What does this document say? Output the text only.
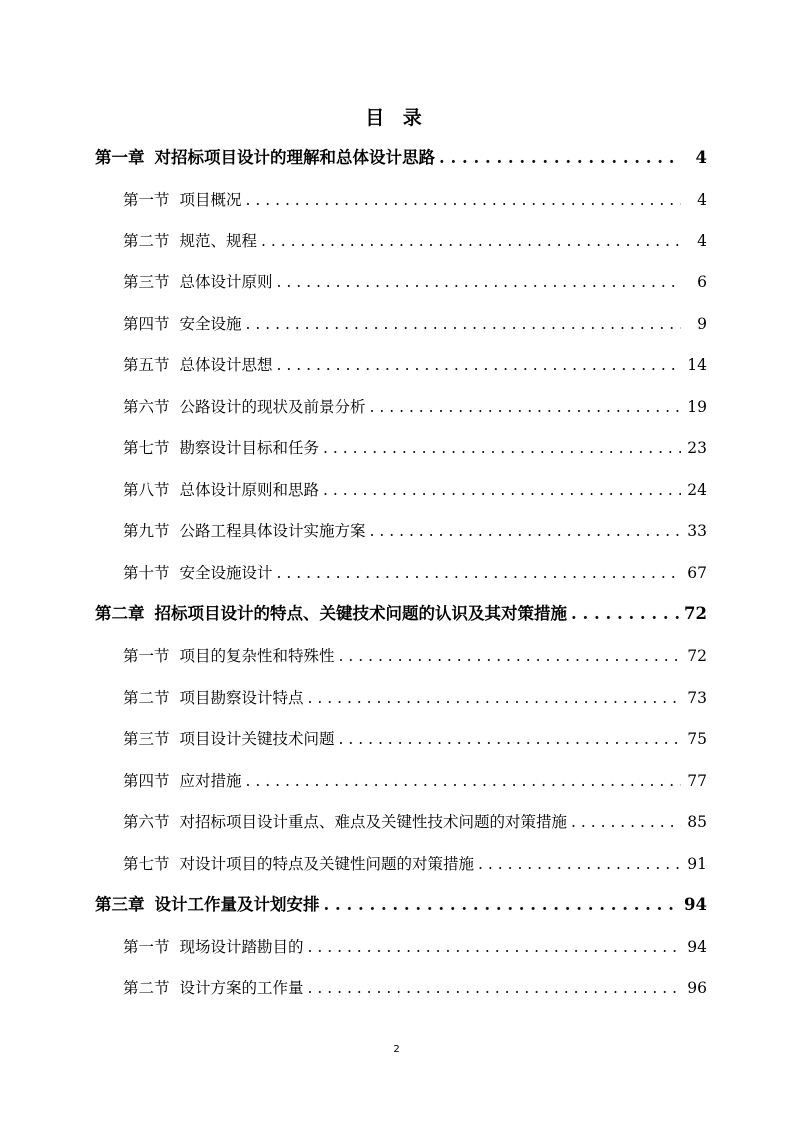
目 录
第一章 对招标项目设计的理解和总体设计思路 . . .	4
第一节 项目概况 . . .	4
第二节 规范、规程 . . .	4
第三节 总体设计原则 . . .	6
第四节 安全设施 . . .	9
第五节 总体设计思想 . . .	14
第六节 公路设计的现状及前景分析 . . .	19
第七节 勘察设计目标和任务 . . .	23
第八节 总体设计原则和思路 . . .	24
第九节 公路工程具体设计实施方案 . . .	33
第十节 安全设施设计 . . .	67
第二章 招标项目设计的特点、关键技术问题的认识及其对策措施 . . .	72
第一节 项目的复杂性和特殊性 . . .	72
第二节 项目勘察设计特点 . . .	73
第三节 项目设计关键技术问题 . . .	75
第四节 应对措施 . . .	77
第六节 对招标项目设计重点、难点及关键性技术问题的对策措施 . . .	85
第七节 对设计项目的特点及关键性问题的对策措施 . . .	91
第三章 设计工作量及计划安排 . . .	94
第一节 现场设计踏勘目的 . . .	94
第二节 设计方案的工作量 . . .	96
2
